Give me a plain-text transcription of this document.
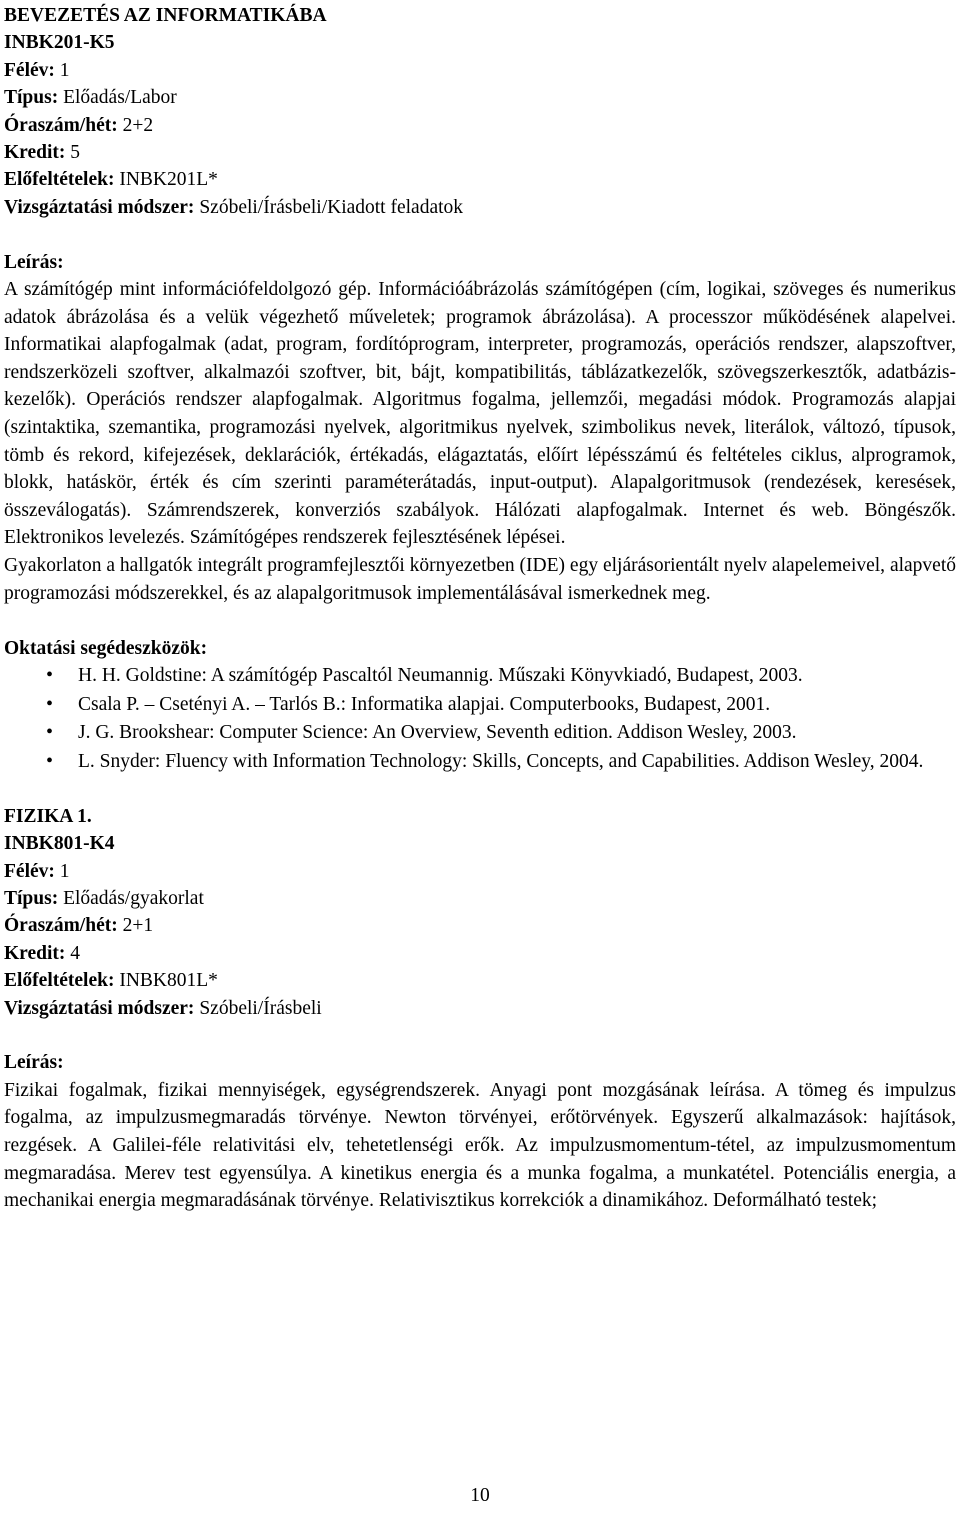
BEVEZETÉS AZ INFORMATIKÁBA

INBK201-K5

Félév: 1

Típus: Előadás/Labor

Óraszám/hét: 2+2

Kredit: 5

Előfeltételek: INBK201L*

Vizsgáztatási módszer: Szóbeli/Írásbeli/Kiadott feladatok

Leírás:

A számítógép mint információfeldolgozó gép. Információábrázolás számítógépen (cím, logikai, szöveges és numerikus adatok ábrázolása és a velük végezhető műveletek; programok ábrázolása). A processzor működésének alapelvei. Informatikai alapfogalmak (adat, program, fordítóprogram, interpreter, programozás, operációs rendszer, alapszoftver, rendszerközeli szoftver, alkalmazói szoftver, bit, bájt, kompatibilitás, táblázatkezelők, szövegszerkesztők, adatbázis-kezelők). Operációs rendszer alapfogalmak. Algoritmus fogalma, jellemzői, megadási módok. Programozás alapjai (szintaktika, szemantika, programozási nyelvek, algoritmikus nyelvek, szimbolikus nevek, literálok, változó, típusok, tömb és rekord, kifejezések, deklarációk, értékadás, elágaztatás, előírt lépésszámú és feltételes ciklus, alprogramok, blokk, hatáskör, érték és cím szerinti paraméterátadás, input-output). Alapalgoritmusok (rendezések, keresések, összeválogatás). Számrendszerek, konverziós szabályok. Hálózati alapfogalmak. Internet és web. Böngészők. Elektronikos levelezés. Számítógépes rendszerek fejlesztésének lépései.

Gyakorlaton a hallgatók integrált programfejlesztői környezetben (IDE) egy eljárásorientált nyelv alapelemeivel, alapvető programozási módszerekkel, és az alapalgoritmusok implementálásával ismerkednek meg.

Oktatási segédeszközök:

• H. H. Goldstine: A számítógép Pascaltól Neumannig. Műszaki Könyvkiadó, Budapest, 2003.
• Csala P. – Csetényi A. – Tarlós B.: Informatika alapjai. Computerbooks, Budapest, 2001.
• J. G. Brookshear: Computer Science: An Overview, Seventh edition. Addison Wesley, 2003.
• L. Snyder: Fluency with Information Technology: Skills, Concepts, and Capabilities. Addison Wesley, 2004.

FIZIKA 1.

INBK801-K4

Félév: 1

Típus: Előadás/gyakorlat

Óraszám/hét: 2+1

Kredit: 4

Előfeltételek: INBK801L*

Vizsgáztatási módszer: Szóbeli/Írásbeli

Leírás:

Fizikai fogalmak, fizikai mennyiségek, egységrendszerek. Anyagi pont mozgásának leírása. A tömeg és impulzus fogalma, az impulzusmegmaradás törvénye. Newton törvényei, erőtörvények. Egyszerű alkalmazások: hajítások, rezgések. A Galilei-féle relativitási elv, tehetetlenségi erők. Az impulzusmomentum-tétel, az impulzusmomentum megmaradása. Merev test egyensúlya. A kinetikus energia és a munka fogalma, a munkatétel. Potenciális energia, a mechanikai energia megmaradásának törvénye. Relativisztikus korrekciók a dinamikához. Deformálható testek;

10
